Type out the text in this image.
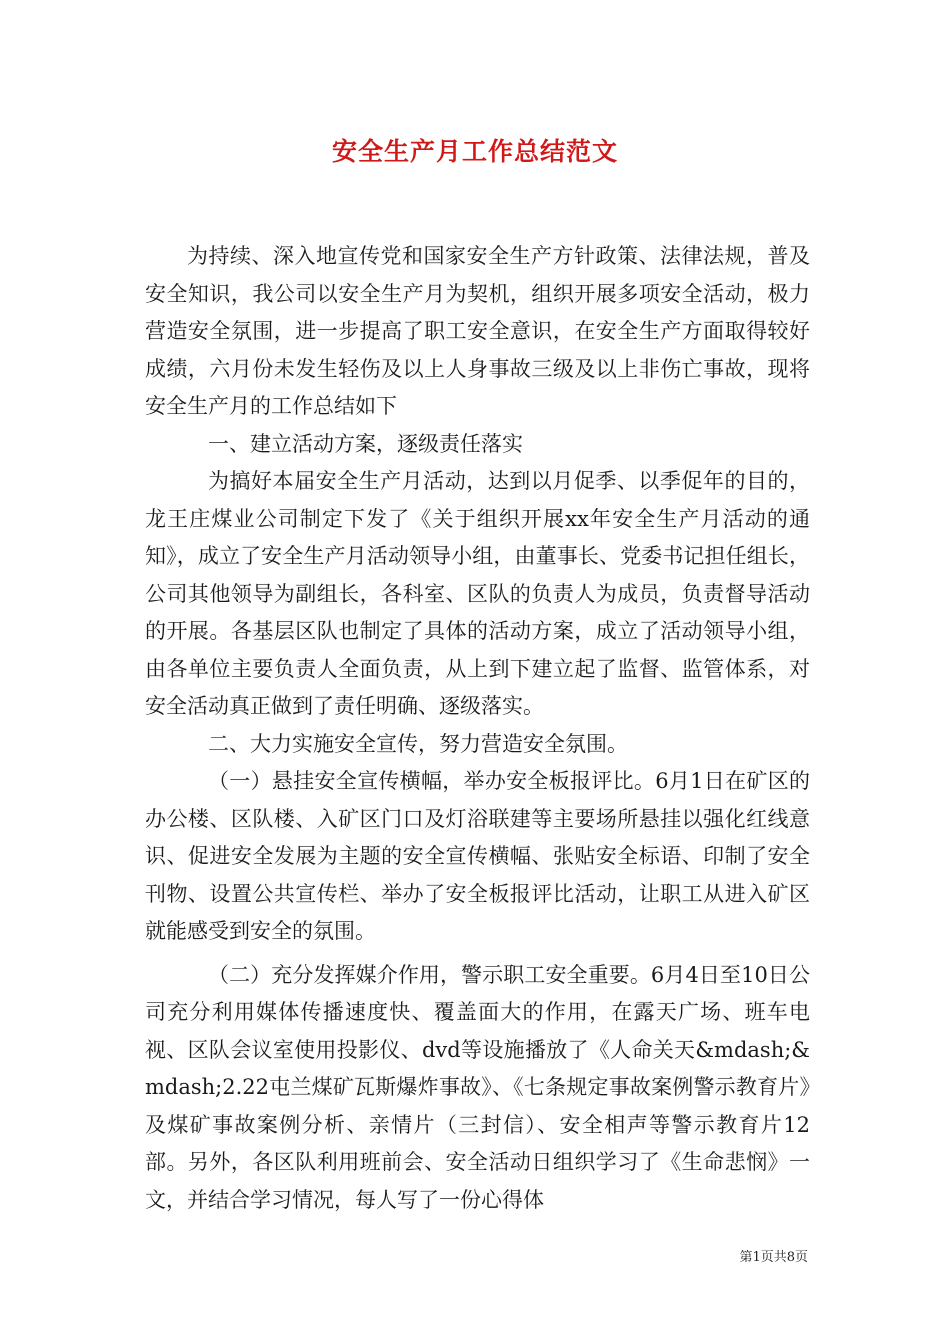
安全生产月工作总结范文

为持续、深入地宣传党和国家安全生产方针政策、法律法规，普及安全知识，我公司以安全生产月为契机，组织开展多项安全活动，极力营造安全氛围，进一步提高了职工安全意识，在安全生产方面取得较好成绩，六月份未发生轻伤及以上人身事故三级及以上非伤亡事故，现将安全生产月的工作总结如下

一、建立活动方案，逐级责任落实

为搞好本届安全生产月活动，达到以月促季、以季促年的目的，龙王庄煤业公司制定下发了《关于组织开展xx年安全生产月活动的通知》，成立了安全生产月活动领导小组，由董事长、党委书记担任组长，公司其他领导为副组长，各科室、区队的负责人为成员，负责督导活动的开展。各基层区队也制定了具体的活动方案，成立了活动领导小组，由各单位主要负责人全面负责，从上到下建立起了监督、监管体系，对安全活动真正做到了责任明确、逐级落实。

二、大力实施安全宣传，努力营造安全氛围。

（一）悬挂安全宣传横幅，举办安全板报评比。6月1日在矿区的办公楼、区队楼、入矿区门口及灯浴联建等主要场所悬挂以强化红线意识、促进安全发展为主题的安全宣传横幅、张贴安全标语、印制了安全刊物、设置公共宣传栏、举办了安全板报评比活动，让职工从进入矿区就能感受到安全的氛围。

（二）充分发挥媒介作用，警示职工安全重要。6月4日至10日公司充分利用媒体传播速度快、覆盖面大的作用，在露天广场、班车电视、区队会议室使用投影仪、dvd等设施播放了《人命关天&mdash;&mdash;2.22屯兰煤矿瓦斯爆炸事故》、《七条规定事故案例警示教育片》及煤矿事故案例分析、亲情片（三封信）、安全相声等警示教育片12部。另外，各区队利用班前会、安全活动日组织学习了《生命悲悯》一文，并结合学习情况，每人写了一份心得体

第1页共8页
